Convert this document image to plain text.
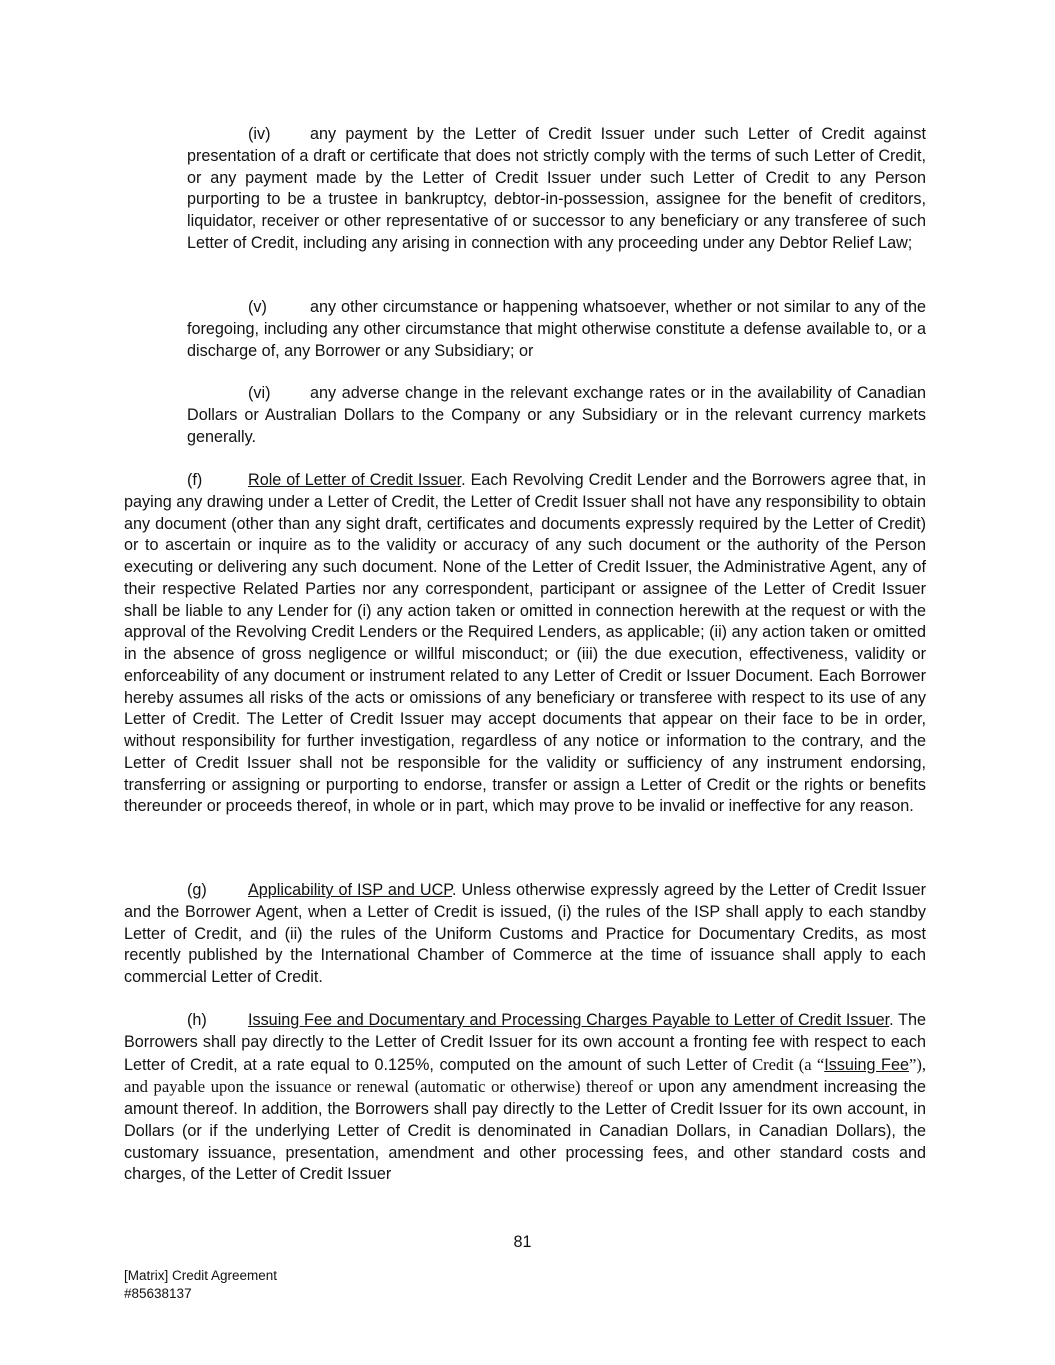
(iv) any payment by the Letter of Credit Issuer under such Letter of Credit against presentation of a draft or certificate that does not strictly comply with the terms of such Letter of Credit, or any payment made by the Letter of Credit Issuer under such Letter of Credit to any Person purporting to be a trustee in bankruptcy, debtor-in-possession, assignee for the benefit of creditors, liquidator, receiver or other representative of or successor to any beneficiary or any transferee of such Letter of Credit, including any arising in connection with any proceeding under any Debtor Relief Law;

(v)	any other circumstance or happening whatsoever, whether or not similar to any of the foregoing, including any other circumstance that might otherwise constitute a defense available to, or a discharge of, any Borrower or any Subsidiary; or

(vi) any adverse change in the relevant exchange rates or in the availability of Canadian Dollars or Australian Dollars to the Company or any Subsidiary or in the relevant currency markets generally.

(f)	Role of Letter of Credit Issuer. Each Revolving Credit Lender and the Borrowers agree that, in paying any drawing under a Letter of Credit, the Letter of Credit Issuer shall not have any responsibility to obtain any document (other than any sight draft, certificates and documents expressly required by the Letter of Credit) or to ascertain or inquire as to the validity or accuracy of any such document or the authority of the Person executing or delivering any such document. None of the Letter of Credit Issuer, the Administrative Agent, any of their respective Related Parties nor any correspondent, participant or assignee of the Letter of Credit Issuer shall be liable to any Lender for (i) any action taken or omitted in connection herewith at the request or with the approval of the Revolving Credit Lenders or the Required Lenders, as applicable; (ii) any action taken or omitted in the absence of gross negligence or willful misconduct; or (iii) the due execution, effectiveness, validity or enforceability of any document or instrument related to any Letter of Credit or Issuer Document. Each Borrower hereby assumes all risks of the acts or omissions of any beneficiary or transferee with respect to its use of any Letter of Credit. The Letter of Credit Issuer may accept documents that appear on their face to be in order, without responsibility for further investigation, regardless of any notice or information to the contrary, and the Letter of Credit Issuer shall not be responsible for the validity or sufficiency of any instrument endorsing, transferring or assigning or purporting to endorse, transfer or assign a Letter of Credit or the rights or benefits thereunder or proceeds thereof, in whole or in part, which may prove to be invalid or ineffective for any reason.

(g)	Applicability of ISP and UCP. Unless otherwise expressly agreed by the Letter of Credit Issuer and the Borrower Agent, when a Letter of Credit is issued, (i) the rules of the ISP shall apply to each standby Letter of Credit, and (ii) the rules of the Uniform Customs and Practice for Documentary Credits, as most recently published by the International Chamber of Commerce at the time of issuance shall apply to each commercial Letter of Credit.

(h)	Issuing Fee and Documentary and Processing Charges Payable to Letter of Credit Issuer. The Borrowers shall pay directly to the Letter of Credit Issuer for its own account a fronting fee with respect to each Letter of Credit, at a rate equal to 0.125%, computed on the amount of such Letter of Credit (a “Issuing Fee”), and payable upon the issuance or renewal (automatic or otherwise) thereof or upon any amendment increasing the amount thereof. In addition, the Borrowers shall pay directly to the Letter of Credit Issuer for its own account, in Dollars (or if the underlying Letter of Credit is denominated in Canadian Dollars, in Canadian Dollars), the customary issuance, presentation, amendment and other processing fees, and other standard costs and charges, of the Letter of Credit Issuer

81
[Matrix] Credit Agreement
#85638137
